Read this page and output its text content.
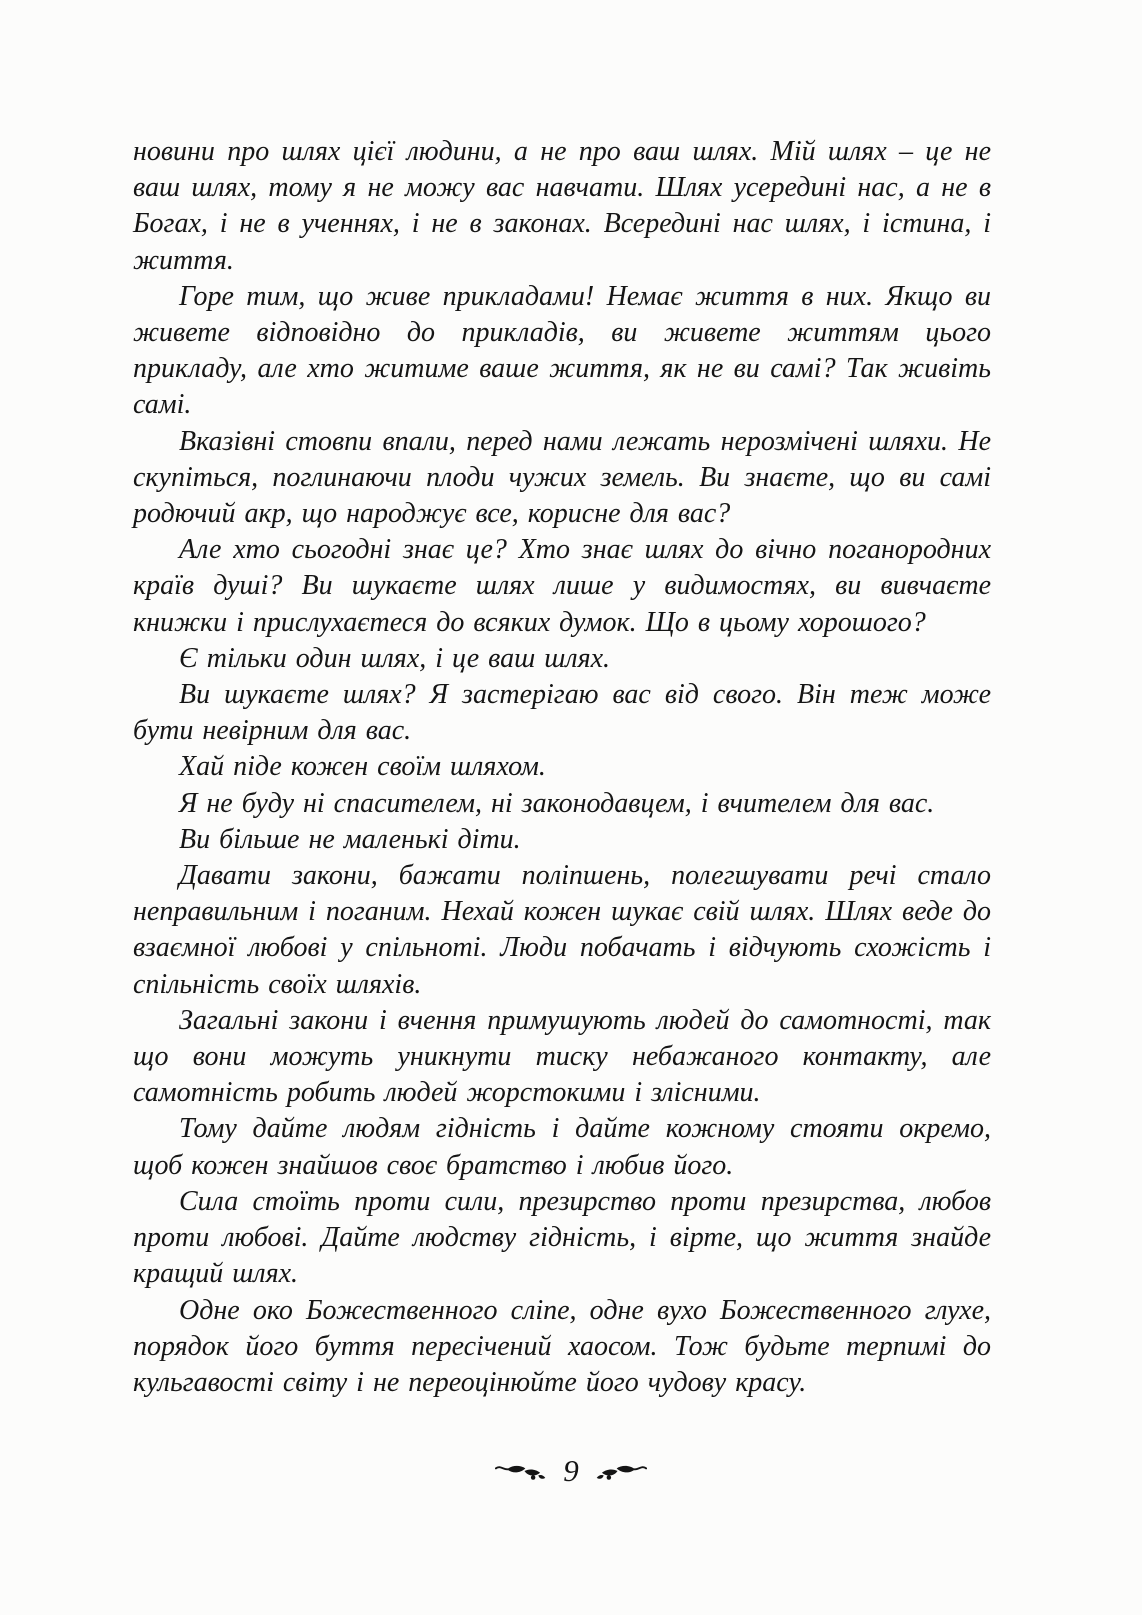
новини про шлях цієї людини, а не про ваш шлях. Мій шлях – це не ваш шлях, тому я не можу вас навчати. Шлях усередині нас, а не в Богах, і не в ученнях, і не в законах. Всередині нас шлях, і істина, і життя.

Горе тим, що живе прикладами! Немає життя в них. Якщо ви живете відповідно до прикладів, ви живете життям цього прикладу, але хто житиме ваше життя, як не ви самі? Так живіть самі.

Вказівні стовпи впали, перед нами лежать нерозмічені шляхи. Не скупіться, поглинаючи плоди чужих земель. Ви знаєте, що ви самі родючий акр, що народжує все, корисне для вас?

Але хто сьогодні знає це? Хто знає шлях до вічно поганородних країв душі? Ви шукаєте шлях лише у видимостях, ви вивчаєте книжки і прислухаєтеся до всяких думок. Що в цьому хорошого?

Є тільки один шлях, і це ваш шлях.

Ви шукаєте шлях? Я застерігаю вас від свого. Він теж може бути невірним для вас.

Хай піде кожен своїм шляхом.

Я не буду ні спасителем, ні законодавцем, і вчителем для вас.

Ви більше не маленькі діти.

Давати закони, бажати поліпшень, полегшувати речі стало неправильним і поганим. Нехай кожен шукає свій шлях. Шлях веде до взаємної любові у спільноті. Люди побачать і відчують схожість і спільність своїх шляхів.

Загальні закони і вчення примушують людей до самотності, так що вони можуть уникнути тиску небажаного контакту, але самотність робить людей жорстокими і злісними.

Тому дайте людям гідність і дайте кожному стояти окремо, щоб кожен знайшов своє братство і любив його.

Сила стоїть проти сили, презирство проти презирства, любов проти любові. Дайте людству гідність, і вірте, що життя знайде кращий шлях.

Одне око Божественного сліпе, одне вухо Божественного глухе, порядок його буття пересічений хаосом. Тож будьте терпимі до кульгавості світу і не переоцінюйте його чудову красу.

9
